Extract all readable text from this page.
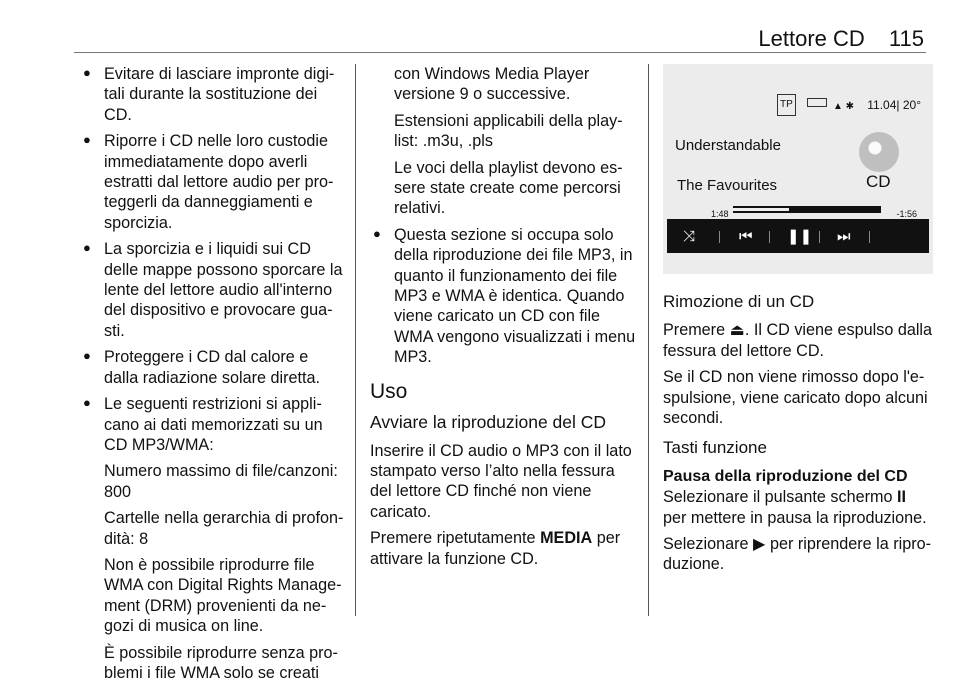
Lettore CD 115
● Evitare di lasciare impronte digi-tali durante la sostituzione dei CD.
● Riporre i CD nelle loro custodie immediatamente dopo averli estratti dal lettore audio per pro-teggerli da danneggiamenti e sporcizia.
● La sporcizia e i liquidi sui CD delle mappe possono sporcare la lente del lettore audio all'interno del dispositivo e provocare gua-sti.
● Proteggere i CD dal calore e dalla radiazione solare diretta.
● Le seguenti restrizioni si appli-cano ai dati memorizzati su un CD MP3/WMA:

Numero massimo di file/canzoni: 800

Cartelle nella gerarchia di profon-dità: 8

Non è possibile riprodurre file WMA con Digital Rights Manage-ment (DRM) provenienti da ne-gozi di musica on line.

È possibile riprodurre senza pro-blemi i file WMA solo se creati

con Windows Media Player versione 9 o successive.

Estensioni applicabili della play-list: .m3u, .pls

Le voci della playlist devono es-sere state create come percorsi relativi.

● Questa sezione si occupa solo della riproduzione dei file MP3, in quanto il funzionamento dei file MP3 e WMA è identica. Quando viene caricato un CD con file WMA vengono visualizzati i menu MP3.
Uso
Avviare la riproduzione del CD

Inserire il CD audio o MP3 con il lato stampato verso l’alto nella fessura del lettore CD finché non viene caricato.

Premere ripetutamente MEDIA per attivare la funzione CD.

TP	▲ ✱ 11.04| 20°
Understandable
The Favourites	CD
1:48	-1:56
⤨	⏮ ❚❚ ⏭
Rimozione di un CD

Premere ⏏. Il CD viene espulso dalla fessura del lettore CD.

Se il CD non viene rimosso dopo l'e-spulsione, viene caricato dopo alcuni secondi.

Tasti funzione
Pausa della riproduzione del CD

Selezionare il pulsante schermo II per mettere in pausa la riproduzione.

Selezionare ▶ per riprendere la ripro-duzione.
